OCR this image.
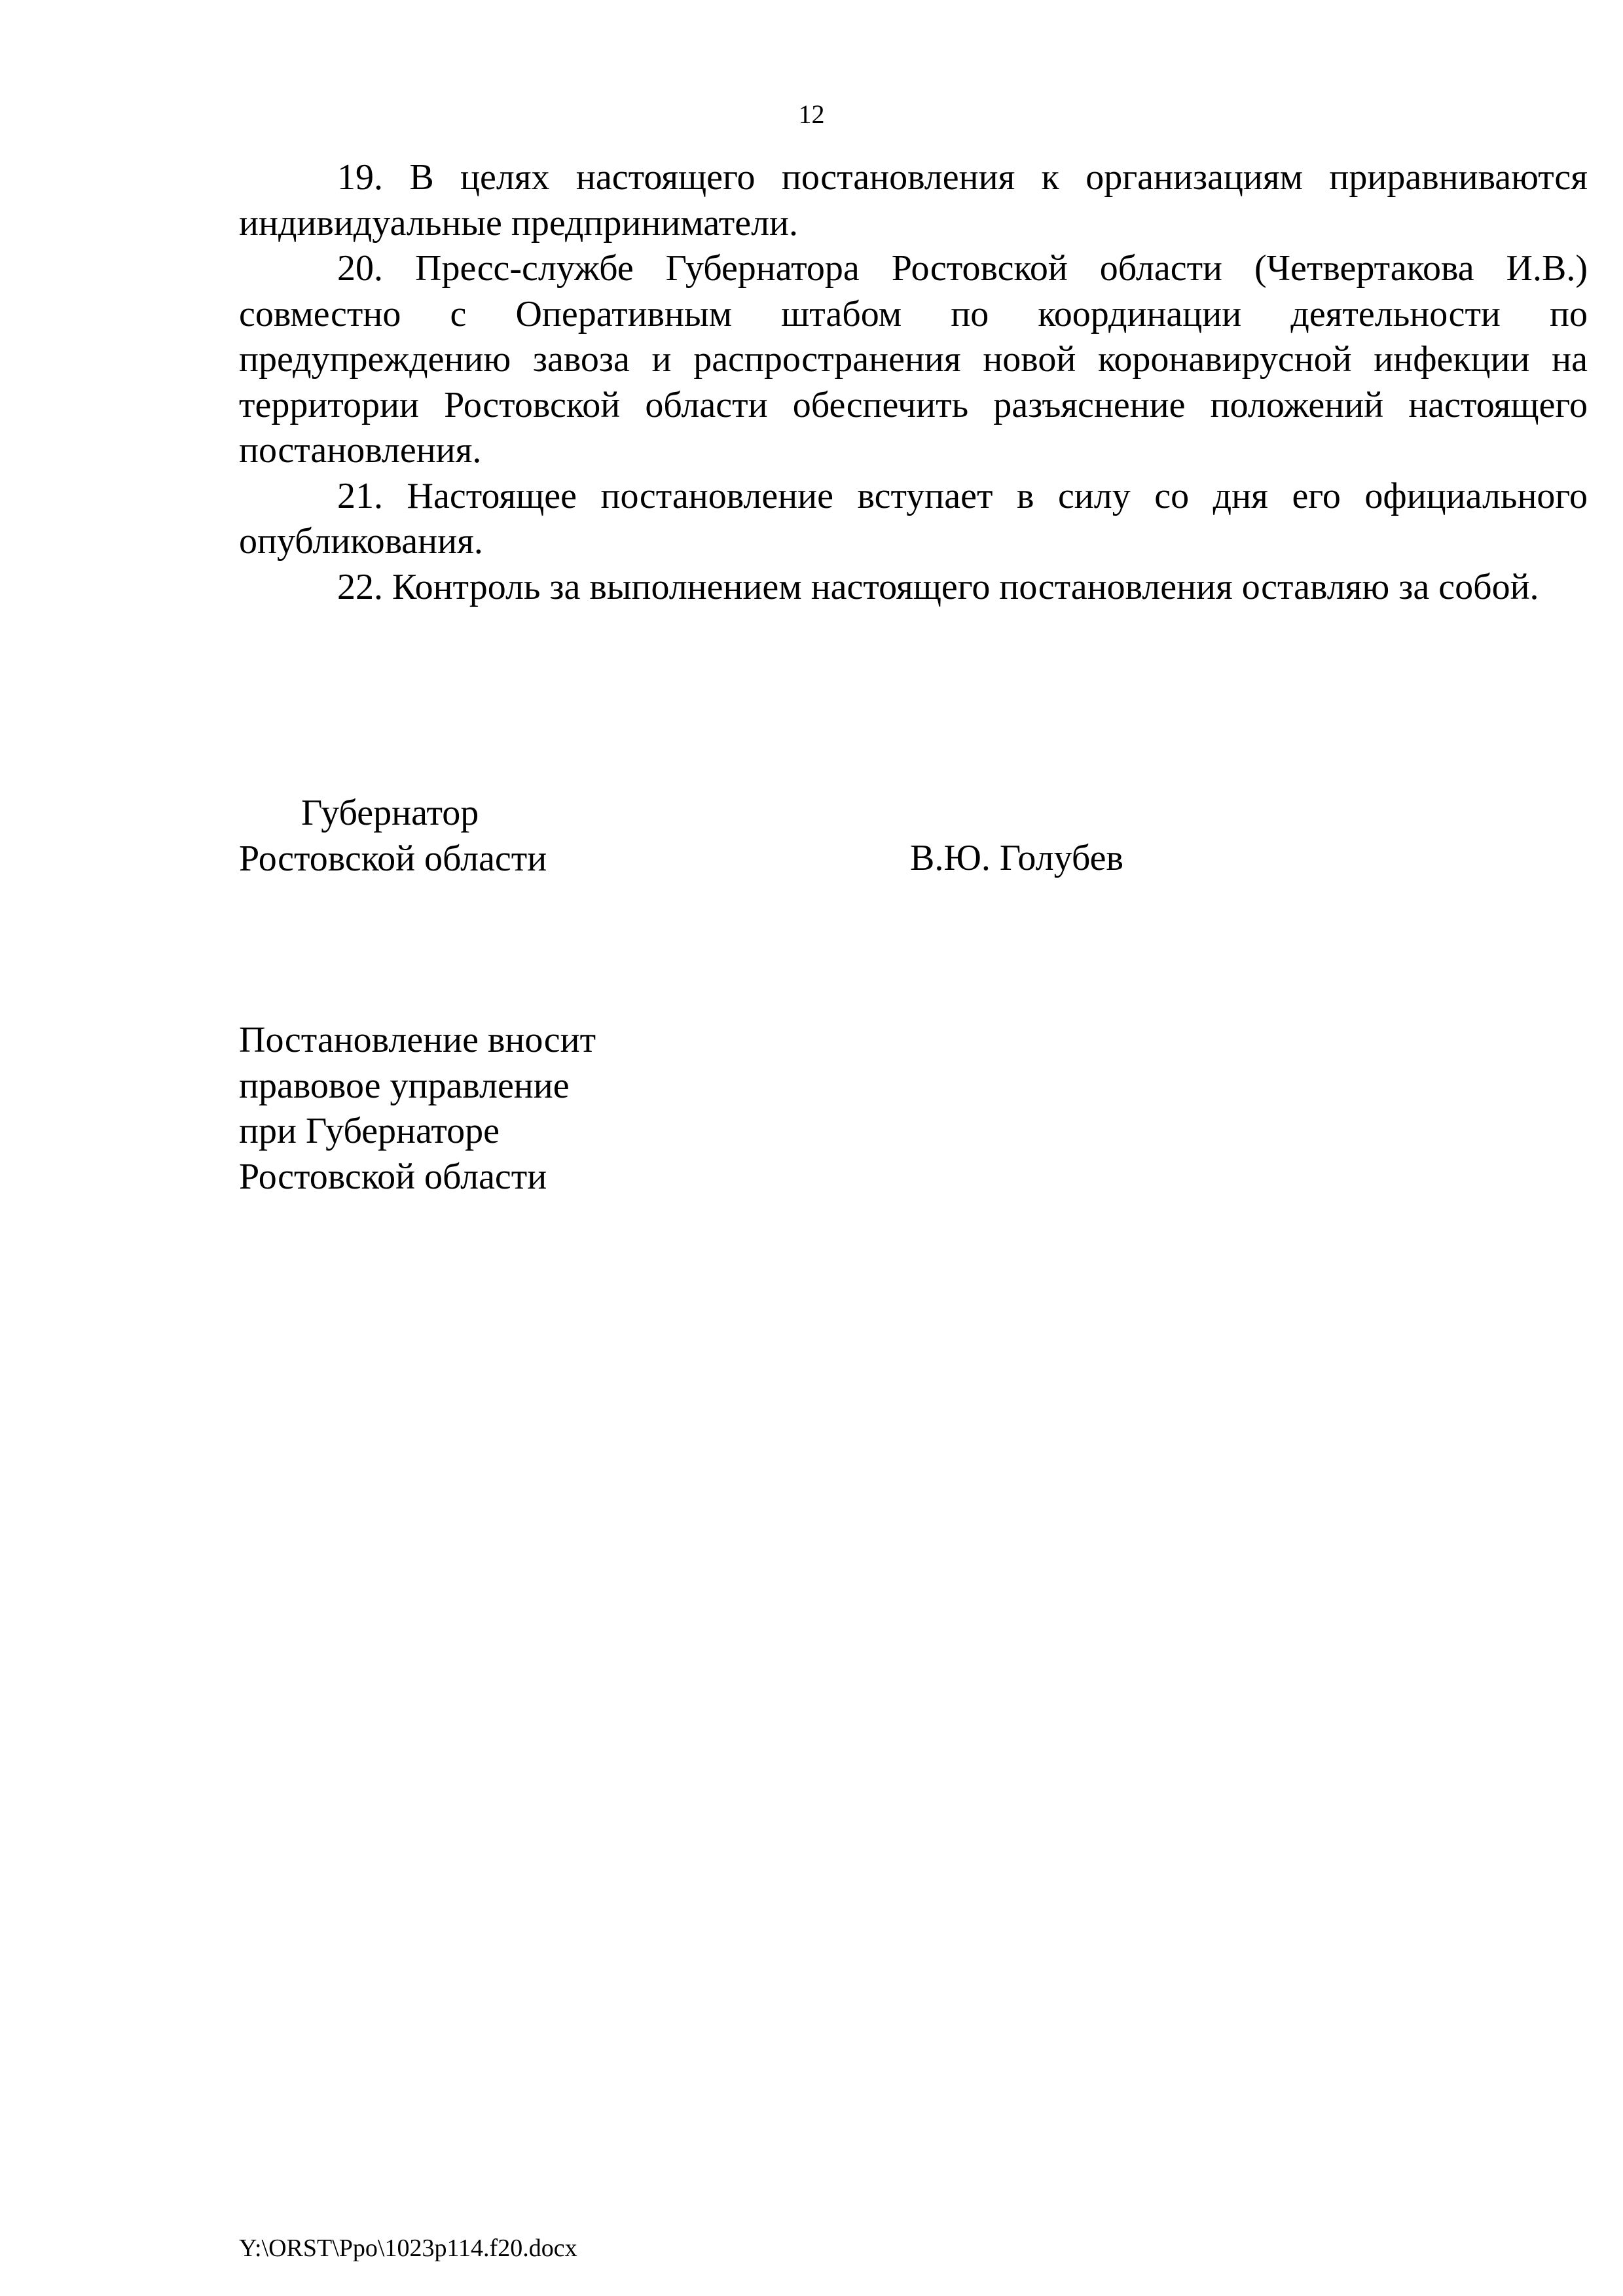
12

19. В целях настоящего постановления к организациям приравниваются индивидуальные предприниматели.

20. Пресс-службе Губернатора Ростовской области (Четвертакова И.В.) совместно с Оперативным штабом по координации деятельности по предупреждению завоза и распространения новой коронавирусной инфекции на территории Ростовской области обеспечить разъяснение положений настоящего постановления.

21. Настоящее постановление вступает в силу со дня его официального опубликования.

22. Контроль за выполнением настоящего постановления оставляю за собой.

Губернатор
Ростовской области	В.Ю. Голубев
Постановление вносит
правовое управление
при Губернаторе
Ростовской области
Y:\ORST\Ppo\1023p114.f20.docx
